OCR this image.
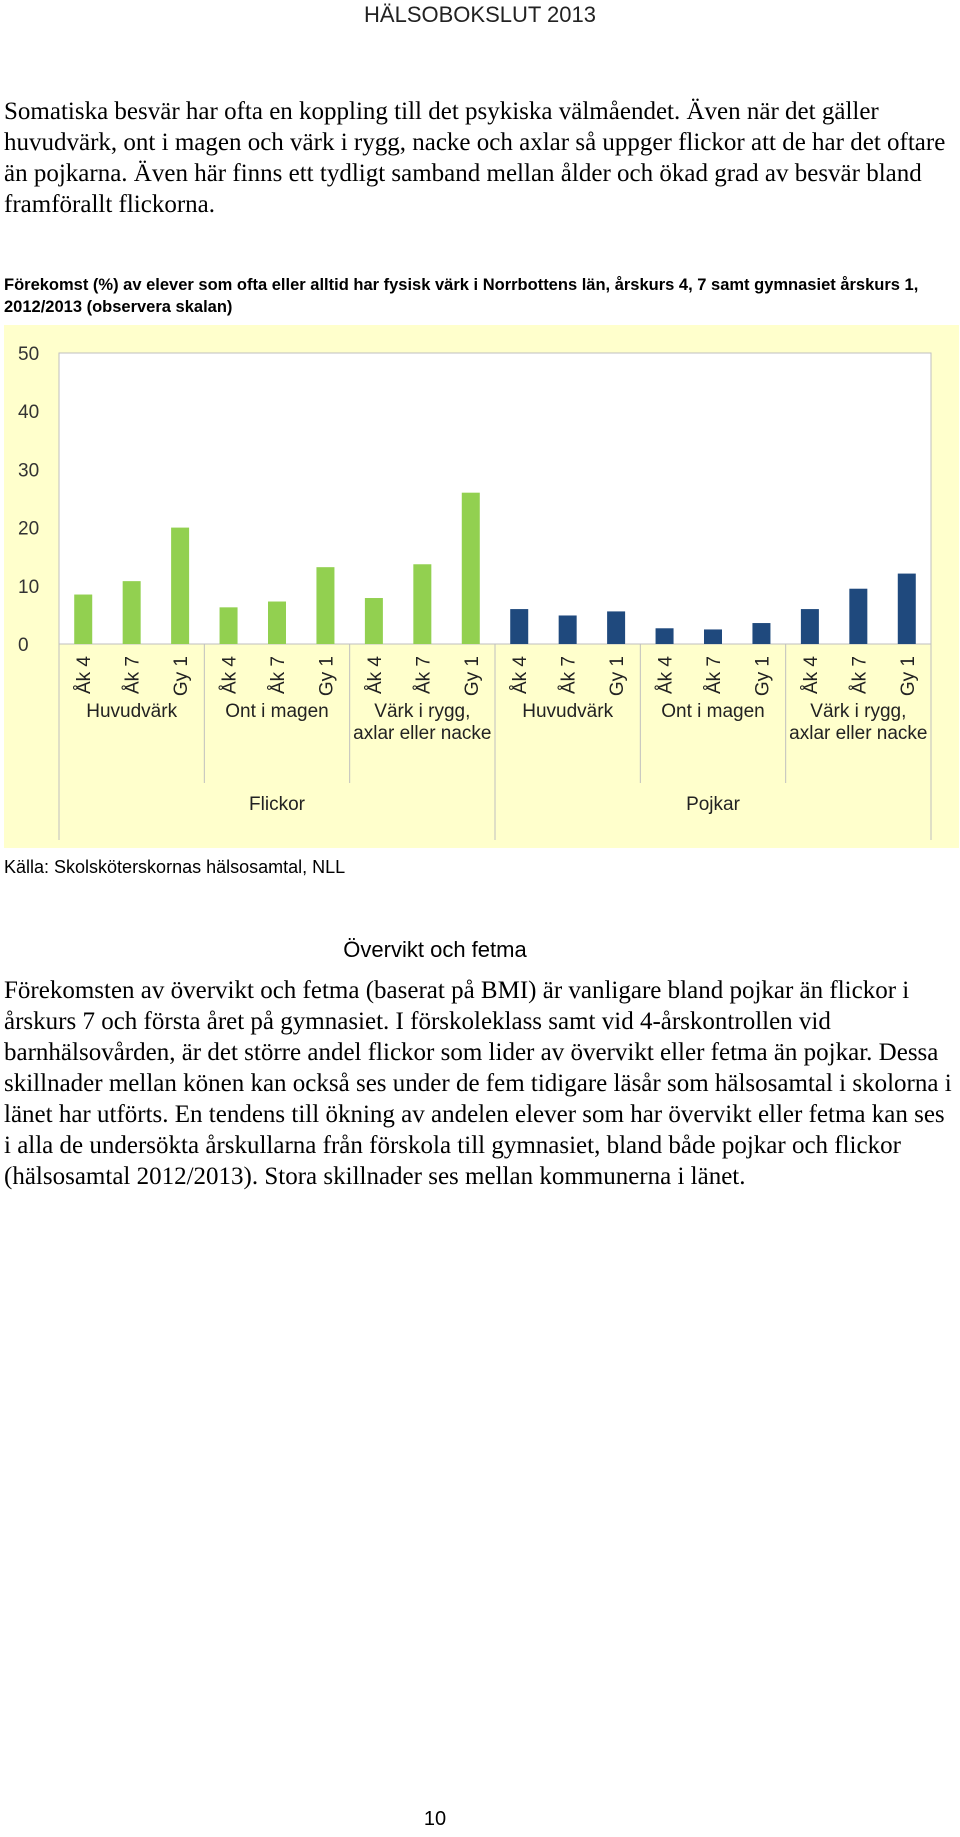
HÄLSOBOKSLUT 2013

Somatiska besvär har ofta en koppling till det psykiska välmåendet. Även när det gäller huvudvärk, ont i magen och värk i rygg, nacke och axlar så uppger flickor att de har det oftare än pojkarna. Även här finns ett tydligt samband mellan ålder och ökad grad av besvär bland framförallt flickorna.

Förekomst (%) av elever som ofta eller alltid har fysisk värk i Norrbottens län, årskurs 4, 7 samt gymnasiet årskurs 1, 2012/2013 (observera skalan)
0
10
20
30
40
50
Åk 4 Åk 7 Gy 1 Åk 4 Åk 7 Gy 1 Åk 4 Åk 7 Gy 1 Åk 4 Åk 7 Gy 1 Åk 4 Åk 7 Gy 1 Åk 4 Åk 7 Gy 1
Huvudvärk	Ont i magen	Värk i rygg, axlar eller nacke
Huvudvärk	Ont i magen	Värk i rygg, axlar eller nacke
Flickor	Pojkar
Källa: Skolsköterskornas hälsosamtal, NLL
Övervikt och fetma

Förekomsten av övervikt och fetma (baserat på BMI) är vanligare bland pojkar än flickor i årskurs 7 och första året på gymnasiet. I förskoleklass samt vid 4-årskontrollen vid barnhälsovården, är det större andel flickor som lider av övervikt eller fetma än pojkar. Dessa skillnader mellan könen kan också ses under de fem tidigare läsår som hälsosamtal i skolorna i länet har utförts. En tendens till ökning av andelen elever som har övervikt eller fetma kan ses i alla de undersökta årskullarna från förskola till gymnasiet, bland både pojkar och flickor (hälsosamtal 2012/2013). Stora skillnader ses mellan kommunerna i länet.

10
